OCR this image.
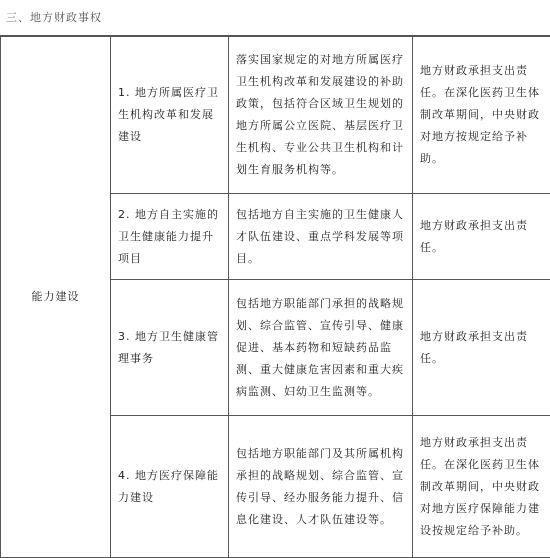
三、地方财政事权
能力建设	1. 地方所属医疗卫生机构改革和发展建设	落实国家规定的对地方所属医疗卫生机构改革和发展建设的补助政策，包括符合区域卫生规划的地方所属公立医院、基层医疗卫生机构、专业公共卫生机构和计划生育服务机构等。	地方财政承担支出责任。在深化医药卫生体制改革期间，中央财政对地方按规定给予补助。
	2. 地方自主实施的卫生健康能力提升项目	包括地方自主实施的卫生健康人才队伍建设、重点学科发展等项目。	地方财政承担支出责任。
	3. 地方卫生健康管理事务	包括地方职能部门承担的战略规划、综合监管、宣传引导、健康促进、基本药物和短缺药品监测、重大健康危害因素和重大疾病监测、妇幼卫生监测等。	地方财政承担支出责任。
	4. 地方医疗保障能力建设	包括地方职能部门及其所属机构承担的战略规划、综合监管、宣传引导、经办服务能力提升、信息化建设、人才队伍建设等。	地方财政承担支出责任。在深化医药卫生体制改革期间，中央财政对地方医疗保障能力建设按规定给予补助。
